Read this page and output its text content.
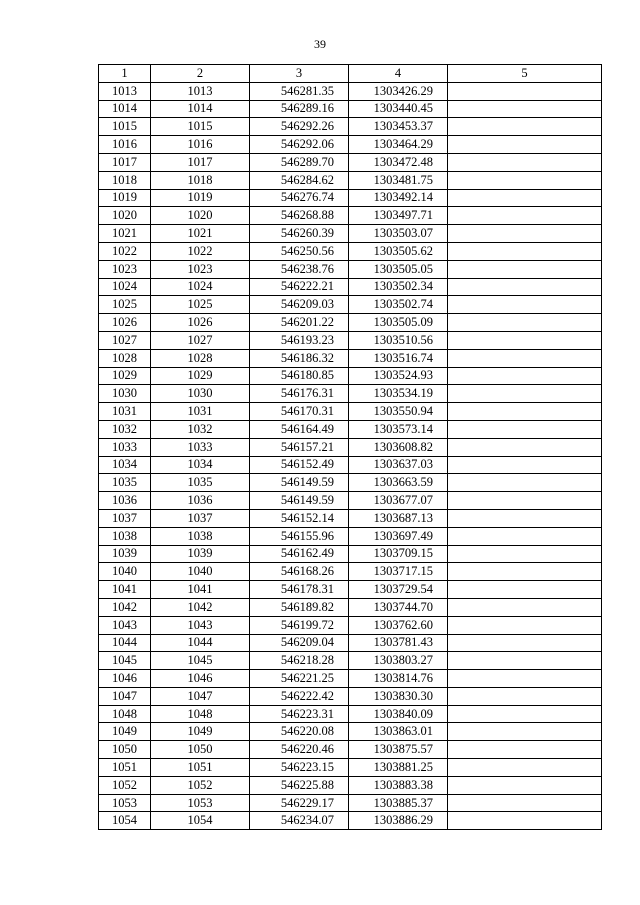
39
1	2	3	4	5
1013	1013	546281.35	1303426.29	
1014	1014	546289.16	1303440.45	
1015	1015	546292.26	1303453.37	
1016	1016	546292.06	1303464.29	
1017	1017	546289.70	1303472.48	
1018	1018	546284.62	1303481.75	
1019	1019	546276.74	1303492.14	
1020	1020	546268.88	1303497.71	
1021	1021	546260.39	1303503.07	
1022	1022	546250.56	1303505.62	
1023	1023	546238.76	1303505.05	
1024	1024	546222.21	1303502.34	
1025	1025	546209.03	1303502.74	
1026	1026	546201.22	1303505.09	
1027	1027	546193.23	1303510.56	
1028	1028	546186.32	1303516.74	
1029	1029	546180.85	1303524.93	
1030	1030	546176.31	1303534.19	
1031	1031	546170.31	1303550.94	
1032	1032	546164.49	1303573.14	
1033	1033	546157.21	1303608.82	
1034	1034	546152.49	1303637.03	
1035	1035	546149.59	1303663.59	
1036	1036	546149.59	1303677.07	
1037	1037	546152.14	1303687.13	
1038	1038	546155.96	1303697.49	
1039	1039	546162.49	1303709.15	
1040	1040	546168.26	1303717.15	
1041	1041	546178.31	1303729.54	
1042	1042	546189.82	1303744.70	
1043	1043	546199.72	1303762.60	
1044	1044	546209.04	1303781.43	
1045	1045	546218.28	1303803.27	
1046	1046	546221.25	1303814.76	
1047	1047	546222.42	1303830.30	
1048	1048	546223.31	1303840.09	
1049	1049	546220.08	1303863.01	
1050	1050	546220.46	1303875.57	
1051	1051	546223.15	1303881.25	
1052	1052	546225.88	1303883.38	
1053	1053	546229.17	1303885.37	
1054	1054	546234.07	1303886.29	
